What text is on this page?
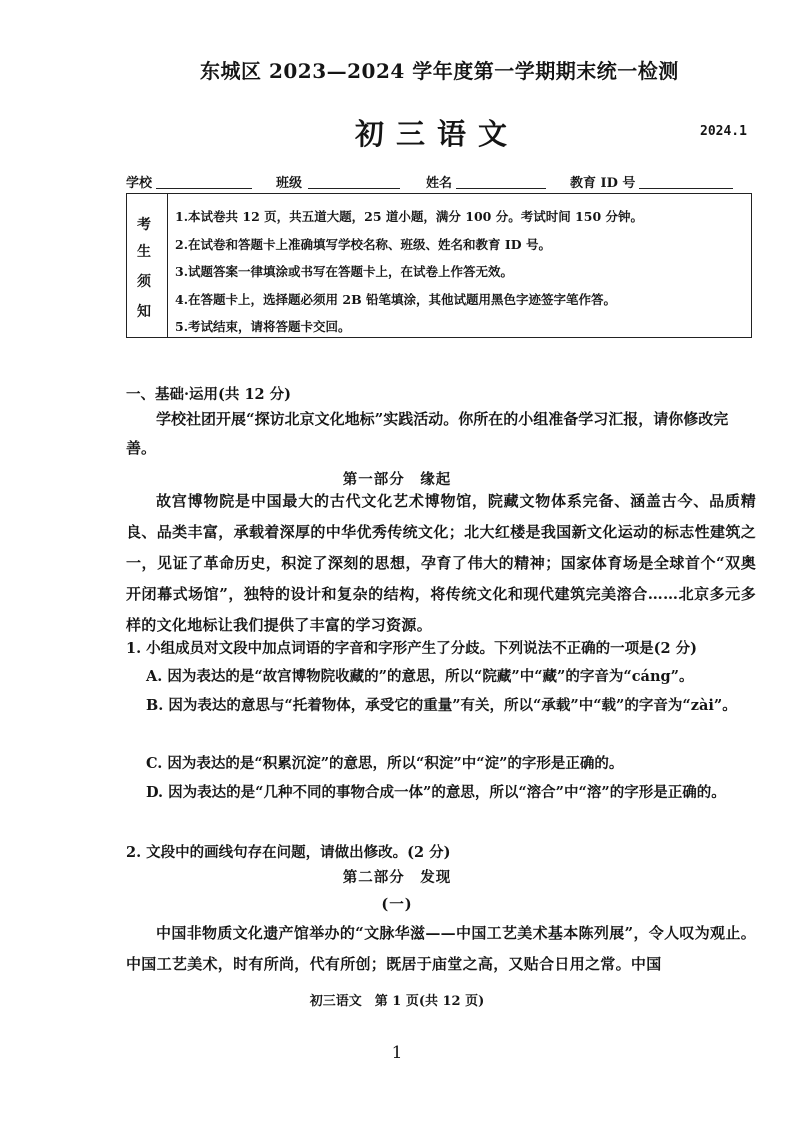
东城区 2023—2024 学年度第一学期期末统一检测
初三语文	2024.1
学校	班级	姓名	教育 ID 号
考
生
须
知
1.本试卷共 12 页，共五道大题，25 道小题，满分 100 分。考试时间 150 分钟。
2.在试卷和答题卡上准确填写学校名称、班级、姓名和教育 ID 号。
3.试题答案一律填涂或书写在答题卡上，在试卷上作答无效。
4.在答题卡上，选择题必须用 2B 铅笔填涂，其他试题用黑色字迹签字笔作答。
5.考试结束，请将答题卡交回。
一、基础·运用(共 12 分)
学校社团开展“探访北京文化地标”实践活动。你所在的小组准备学习汇报，请你修改完善。
第一部分　缘起
故宫博物院是中国最大的古代文化艺术博物馆，院藏文物体系完备、涵盖古今、品质精良、品类丰富，承载着深厚的中华优秀传统文化；北大红楼是我国新文化运动的标志性建筑之一，见证了革命历史，积淀了深刻的思想，孕育了伟大的精神；国家体育场是全球首个“双奥开闭幕式场馆”，独特的设计和复杂的结构，将传统文化和现代建筑完美溶合……北京多元多样的文化地标让我们提供了丰富的学习资源。
1. 小组成员对文段中加点词语的字音和字形产生了分歧。下列说法不正确的一项是(2 分)
A. 因为表达的是“故宫博物院收藏的”的意思，所以“院藏”中“藏”的字音为“cáng”。
B. 因为表达的意思与“托着物体，承受它的重量”有关，所以“承载”中“载”的字音为“zài”。
C. 因为表达的是“积累沉淀”的意思，所以“积淀”中“淀”的字形是正确的。
D. 因为表达的是“几种不同的事物合成一体”的意思，所以“溶合”中“溶”的字形是正确的。
2. 文段中的画线句存在问题，请做出修改。(2 分)
第二部分　发现
(一)
中国非物质文化遗产馆举办的“文脉华滋——中国工艺美术基本陈列展”，令人叹为观止。中国工艺美术，时有所尚，代有所创；既居于庙堂之高，又贴合日用之常。中国
初三语文　第 1 页(共 12 页)
1
